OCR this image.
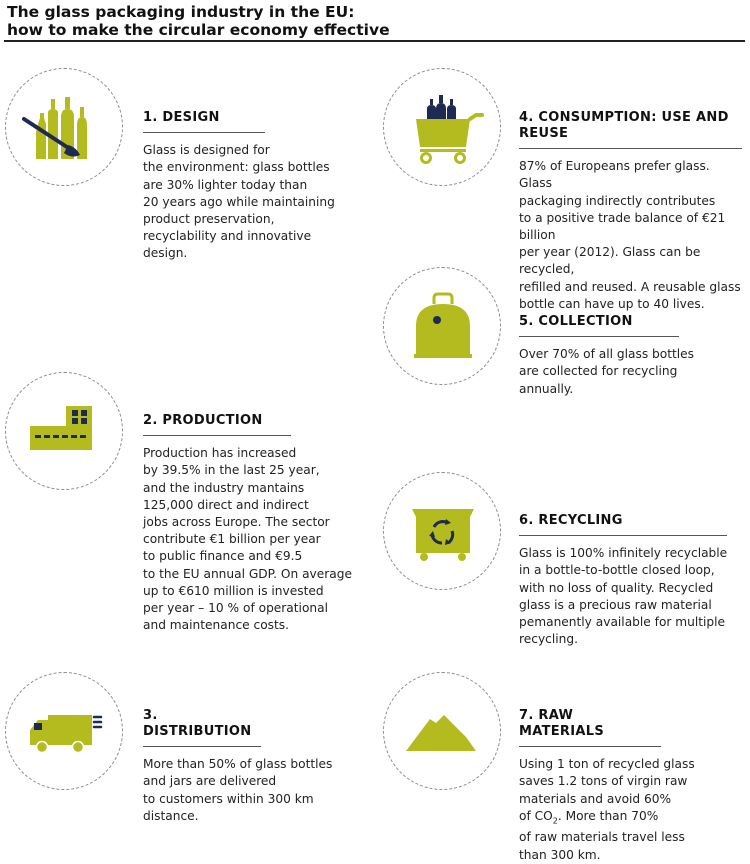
The glass packaging industry in the EU:
how to make the circular economy effective
1. DESIGN
Glass is designed for
the environment: glass bottles
are 30% lighter today than
20 years ago while maintaining
product preservation,
recyclability and innovative
design.
2. PRODUCTION
Production has increased
by 39.5% in the last 25 year,
and the industry mantains
125,000 direct and indirect
jobs across Europe. The sector
contribute €1 billion per year
to public finance and €9.5
to the EU annual GDP. On average
up to €610 million is invested
per year – 10 % of operational
and maintenance costs.
3. DISTRIBUTION
More than 50% of glass bottles
and jars are delivered
to customers within 300 km
distance.
4. CONSUMPTION: USE AND REUSE
87% of Europeans prefer glass. Glass
packaging indirectly contributes
to a positive trade balance of €21 billion
per year (2012). Glass can be recycled,
refilled and reused. A reusable glass
bottle can have up to 40 lives.
5. COLLECTION
Over 70% of all glass bottles
are collected for recycling
annually.
6. RECYCLING
Glass is 100% infinitely recyclable
in a bottle-to-bottle closed loop,
with no loss of quality. Recycled
glass is a precious raw material
pemanently available for multiple
recycling.
7. RAW MATERIALS
Using 1 ton of recycled glass
saves 1.2 tons of virgin raw
materials and avoid 60%
of $CO_2$. More than 70%
of raw materials travel less
than 300 km.
